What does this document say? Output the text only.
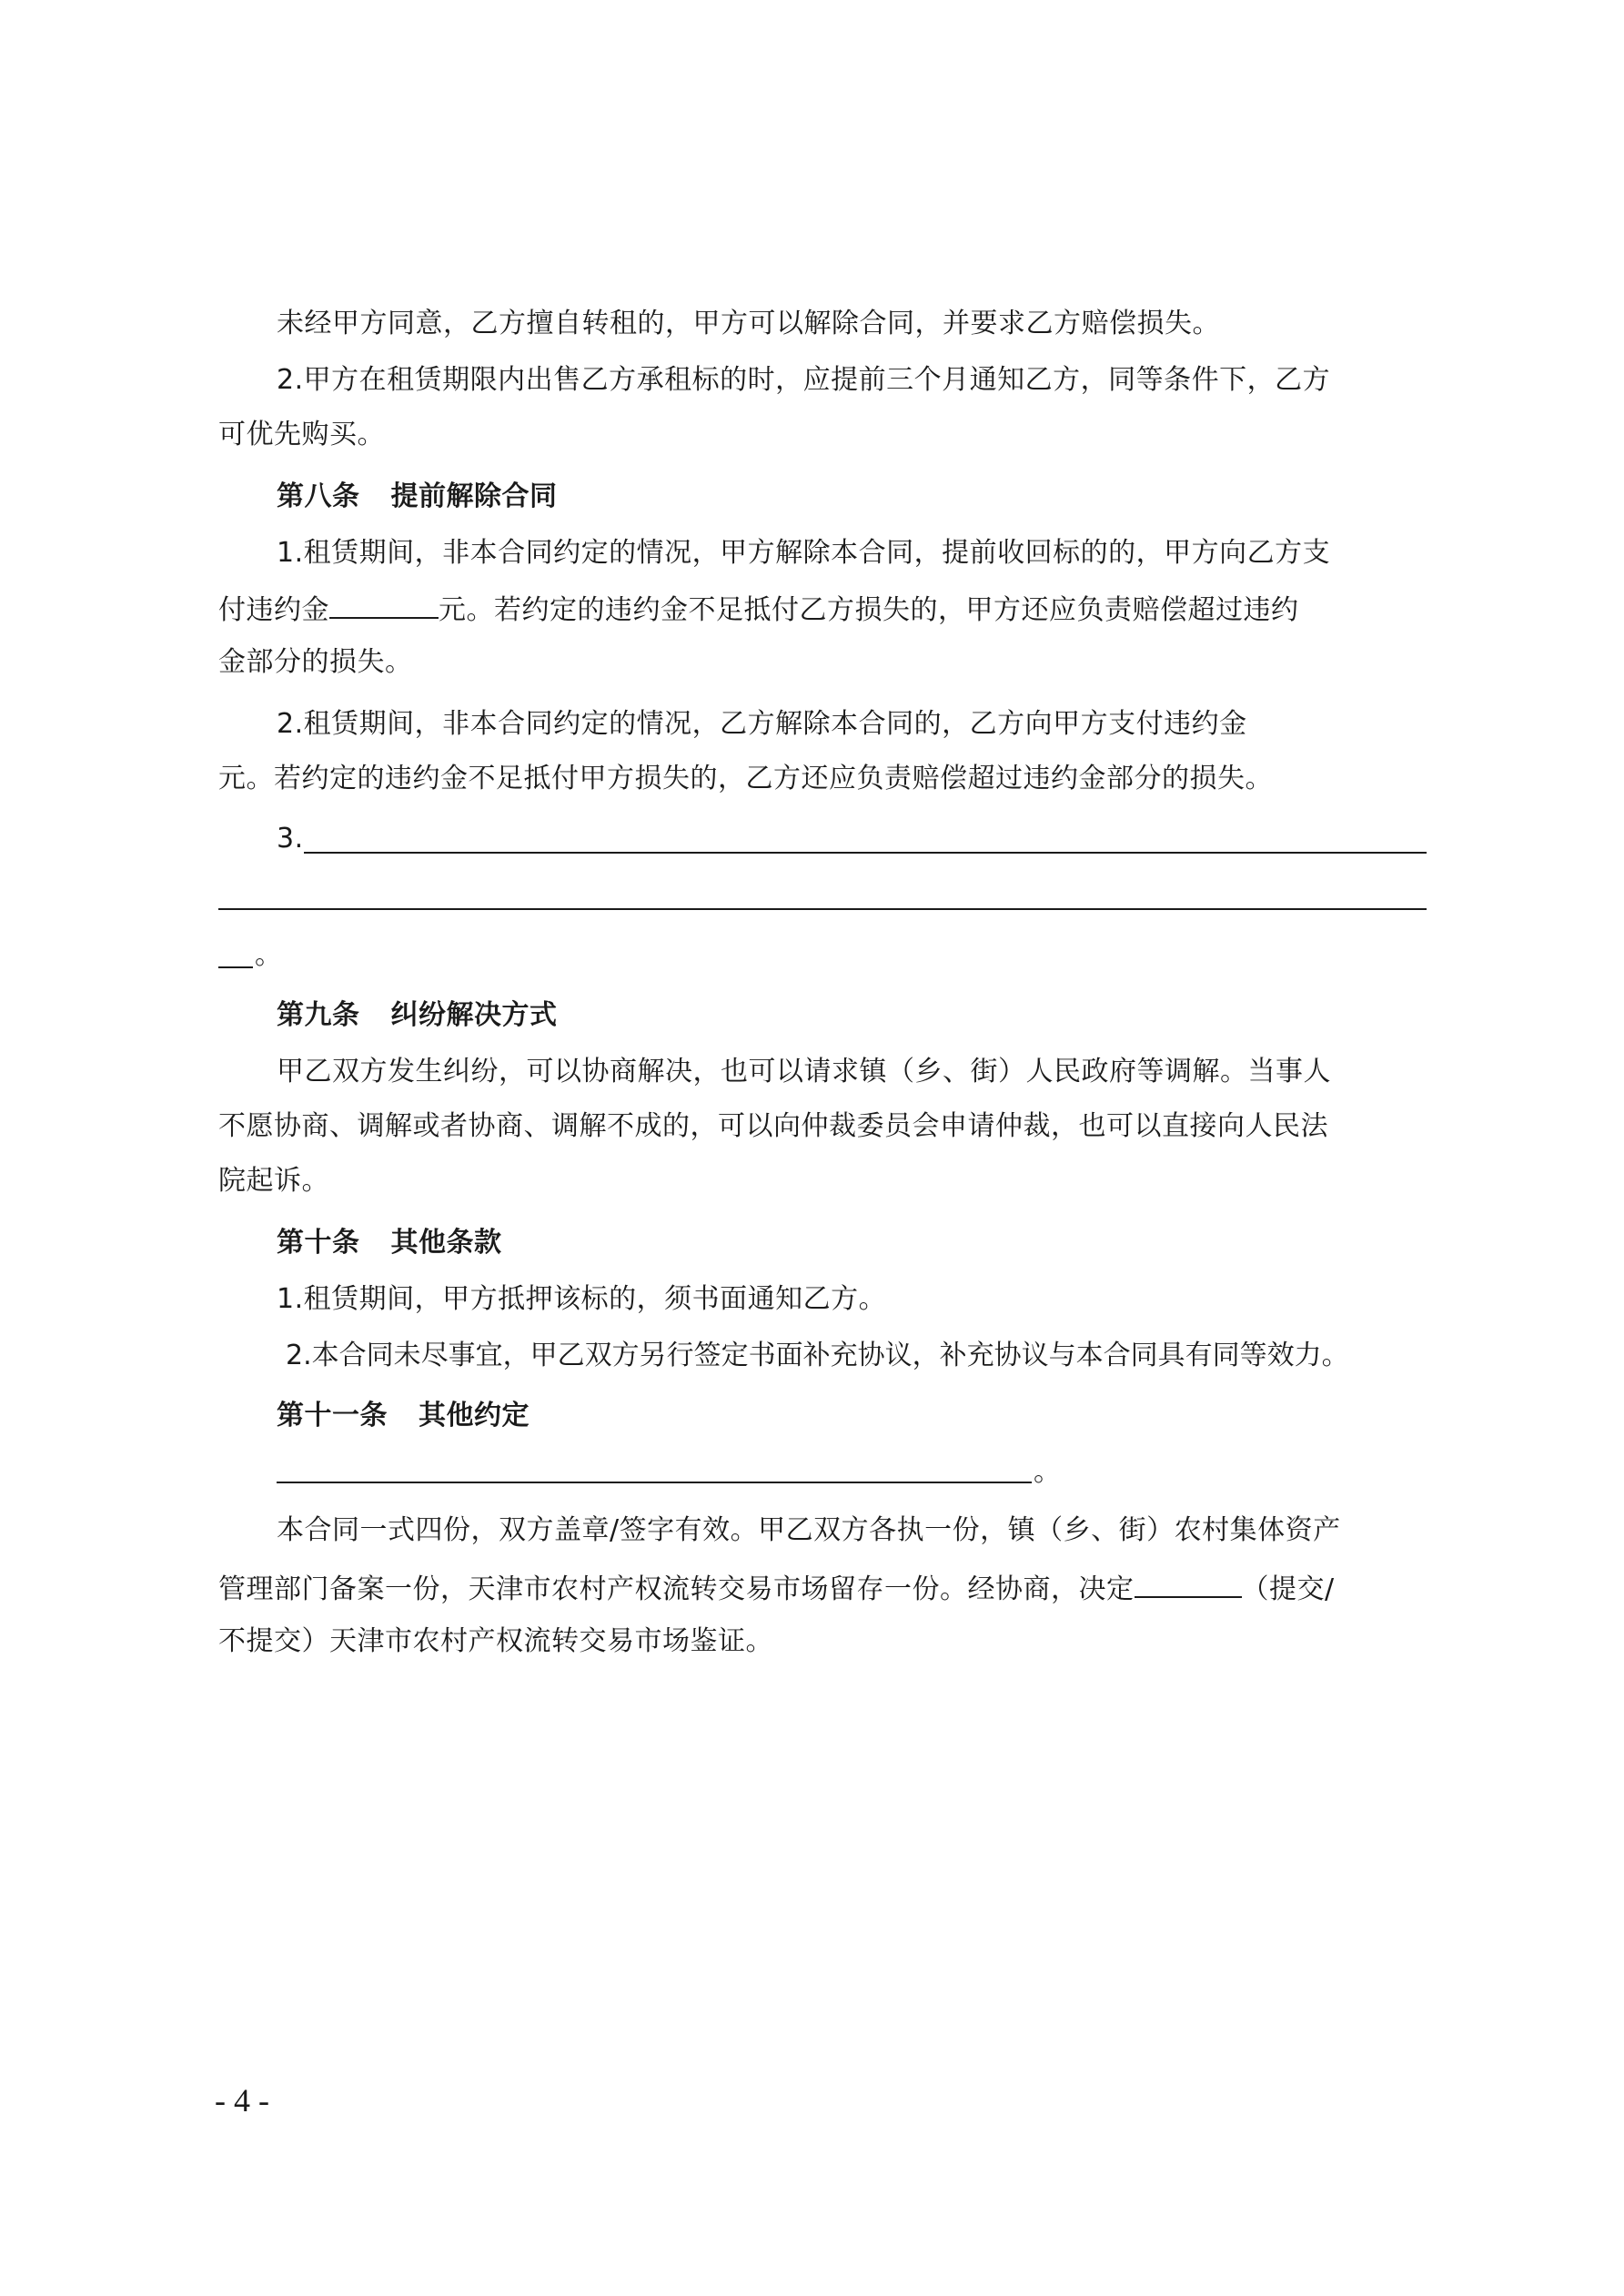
未经甲方同意，乙方擅自转租的，甲方可以解除合同，并要求乙方赔偿损失。
2.甲方在租赁期限内出售乙方承租标的时，应提前三个月通知乙方，同等条件下，乙方
可优先购买。
第八条 提前解除合同
1.租赁期间，非本合同约定的情况，甲方解除本合同，提前收回标的的，甲方向乙方支
付违约金	元。若约定的违约金不足抵付乙方损失的，甲方还应负责赔偿超过违约
金部分的损失。
2.租赁期间，非本合同约定的情况，乙方解除本合同的，乙方向甲方支付违约金
元。若约定的违约金不足抵付甲方损失的，乙方还应负责赔偿超过违约金部分的损失。
3.
。
第九条 纠纷解决方式
甲乙双方发生纠纷，可以协商解决，也可以请求镇（乡、街）人民政府等调解。当事人
不愿协商、调解或者协商、调解不成的，可以向仲裁委员会申请仲裁，也可以直接向人民法
院起诉。
第十条 其他条款
1.租赁期间，甲方抵押该标的，须书面通知乙方。
2.本合同未尽事宜，甲乙双方另行签定书面补充协议，补充协议与本合同具有同等效力。
第十一条 其他约定
。
本合同一式四份，双方盖章/签字有效。甲乙双方各执一份，镇（乡、街）农村集体资产
管理部门备案一份，天津市农村产权流转交易市场留存一份。经协商，决定	（提交/
不提交）天津市农村产权流转交易市场鉴证。
- 4 -
